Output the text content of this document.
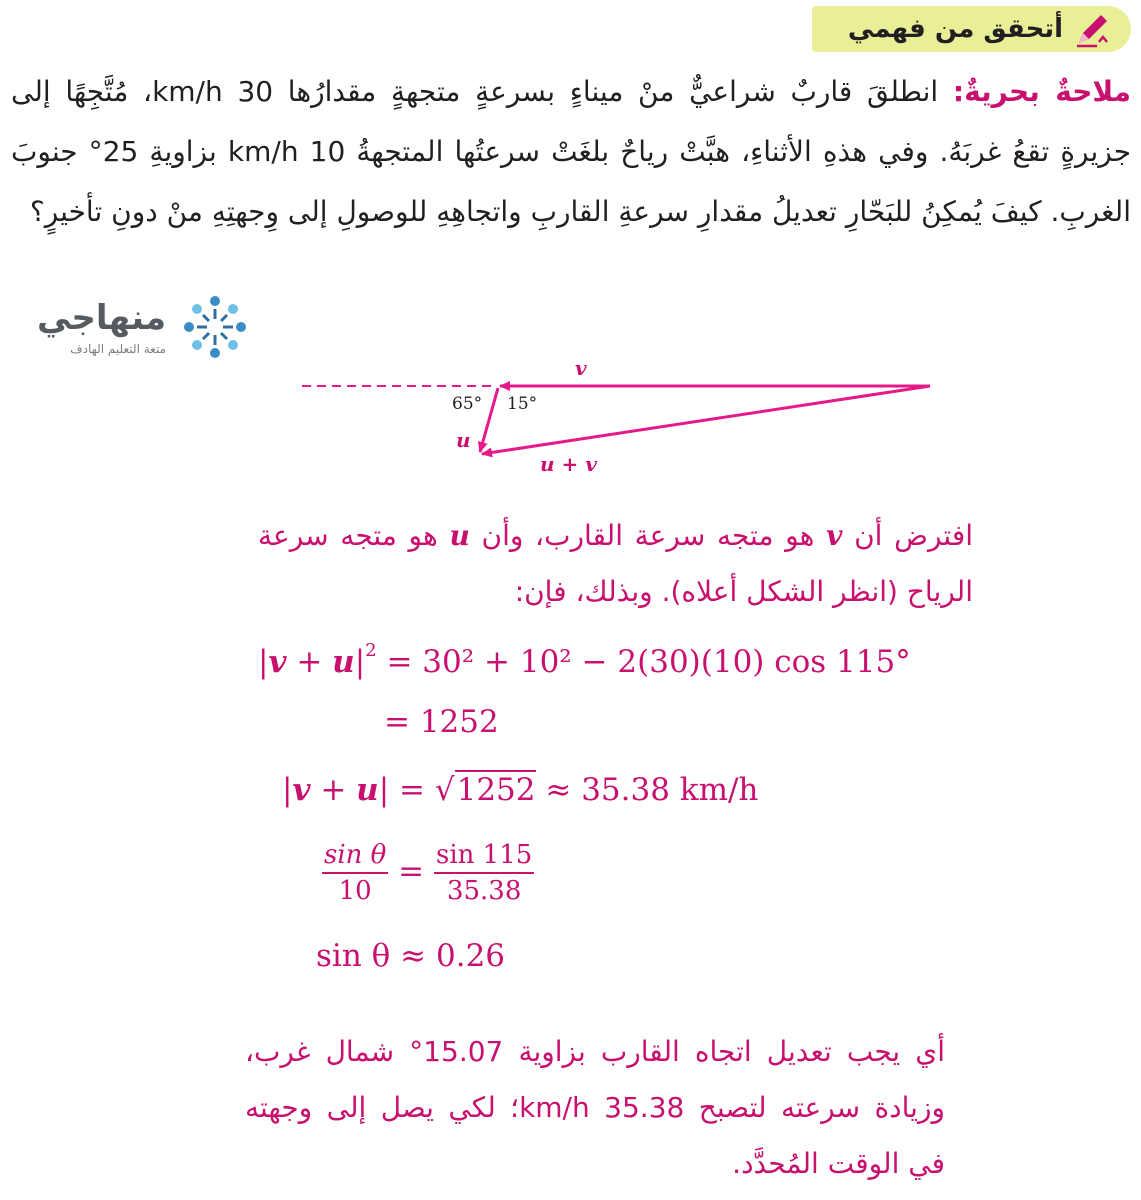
أتحقق من فهمي
ملاحةٌ بحريةٌ: انطلقَ قاربٌ شراعيٌّ منْ ميناءٍ بسرعةٍ متجهةٍ مقدارُها 30 km/h، مُتَّجِهًا إلى جزيرةٍ تقعُ غربَهُ. وفي هذهِ الأثناءِ، هبَّتْ رياحٌ بلغَتْ سرعتُها المتجهةُ 10 km/h بزاويةِ 25° جنوبَ الغربِ. كيفَ يُمكِنُ للبَحّارِ تعديلُ مقدارِ سرعةِ القاربِ واتجاهِهِ للوصولِ إلى وِجهتِهِ منْ دونِ تأخيرٍ؟
منهاجي
متعة التعليم الهادف
v
65° 15°
u
u + v
افترض أن v هو متجه سرعة القارب، وأن u هو متجه سرعة الرياح (انظر الشكل أعلاه). وبذلك، فإن:
$|v + u|^2 = 30^2 + 10^2 - 2(30)(10)$ cos 115°
= 1252
|v + u| = √1252 ≈ 35.38 km/h
$\frac{\text{sin θ}}{10} = \frac{\sin 115}{35.38}$
sin θ ≈ 0.26
أي يجب تعديل اتجاه القارب بزاوية 15.07° شمال غرب، وزيادة سرعته لتصبح 35.38 km/h؛ لكي يصل إلى وجهته في الوقت المُحدَّد.
